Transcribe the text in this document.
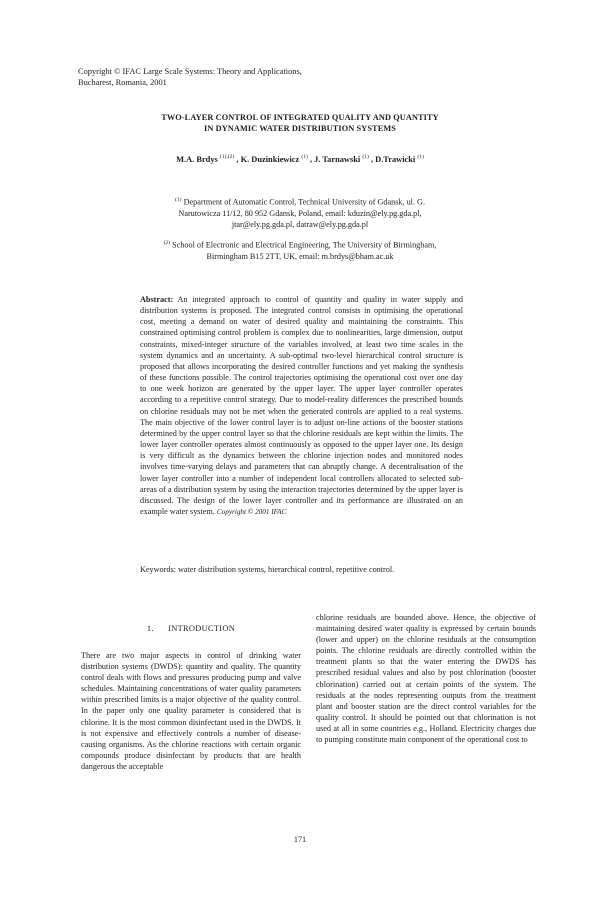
Copyright © IFAC Large Scale Systems: Theory and Applications,
Bucharest, Romania, 2001
TWO-LAYER CONTROL OF INTEGRATED QUALITY AND QUANTITY
IN DYNAMIC WATER DISTRIBUTION SYSTEMS
M.A. Brdys $^{(1),(2)}$ , K. Duzinkiewicz $^{(1)}$ , J. Tarnawski $^{(1)}$ , D.Trawicki $^{(1)}$
$^{(1)}$ Department of Automatic Control, Technical University of Gdansk, ul. G.
Narutowicza 11/12, 80 952 Gdansk, Poland, email: kduzin@ely.pg.gda.pl,
jtar@ely.pg.gda.pl, datraw@ely.pg.gda.pl
$^{(2)}$ School of Electronic and Electrical Engineering, The University of Birmingham,
Birmingham B15 2TT, UK, email: m.brdys@bham.ac.uk
Abstract: An integrated approach to control of quantity and quality in water supply and distribution systems is proposed. The integrated control consists in optimising the operational cost, meeting a demand on water of desired quality and maintaining the constraints. This constrained optimising control problem is complex due to nonlinearities, large dimension, output constraints, mixed-integer structure of the variables involved, at least two time scales in the system dynamics and an uncertainty. A sub-optimal two-level hierarchical control structure is proposed that allows incorporating the desired controller functions and yet making the synthesis of these functions possible. The control trajectories optimising the operational cost over one day to one week horizon are generated by the upper layer. The upper layer controller operates according to a repetitive control strategy. Due to model-reality differences the prescribed bounds on chlorine residuals may not be met when the generated controls are applied to a real systems. The main objective of the lower control layer is to adjust on-line actions of the booster stations determined by the upper control layer so that the chlorine residuals are kept within the limits. The lower layer controller operates almost continuously as opposed to the upper layer one. Its design is very difficult as the dynamics between the chlorine injection nodes and monitored nodes involves time-varying delays and parameters that can abruptly change. A decentralisation of the lower layer controller into a number of independent local controllers allocated to selected sub-areas of a distribution system by using the interaction trajectories determined by the upper layer is discussed. The design of the lower layer controller and its performance are illustrated on an example water system. Copyright © 2001 IFAC
Keywords: water distribution systems, hierarchical control, repetitive control.
1. INTRODUCTION
There are two major aspects in control of drinking water distribution systems (DWDS): quantity and quality. The quantity control deals with flows and pressures producing pump and valve schedules. Maintaining concentrations of water quality parameters within prescribed limits is a major objective of the quality control. In the paper only one quality parameter is considered that is chlorine. It is the most common disinfectant used in the DWDS. It is not expensive and effectively controls a number of disease-causing organisms. As the chlorine reactions with certain organic compounds produce disinfectant by products that are health dangerous the acceptable
chlorine residuals are bounded above. Hence, the objective of maintaining desired water quality is expressed by certain bounds (lower and upper) on the chlorine residuals at the consumption points. The chlorine residuals are directly controlled within the treatment plants so that the water entering the DWDS has prescribed residual values and also by post chlorination (booster chlorination) carried out at certain points of the system. The residuals at the nodes representing outputs from the treatment plant and booster station are the direct control variables for the quality control. It should be pointed out that chlorination is not used at all in some countries e.g., Holland. Electricity charges due to pumping constitute main component of the operational cost to
171
